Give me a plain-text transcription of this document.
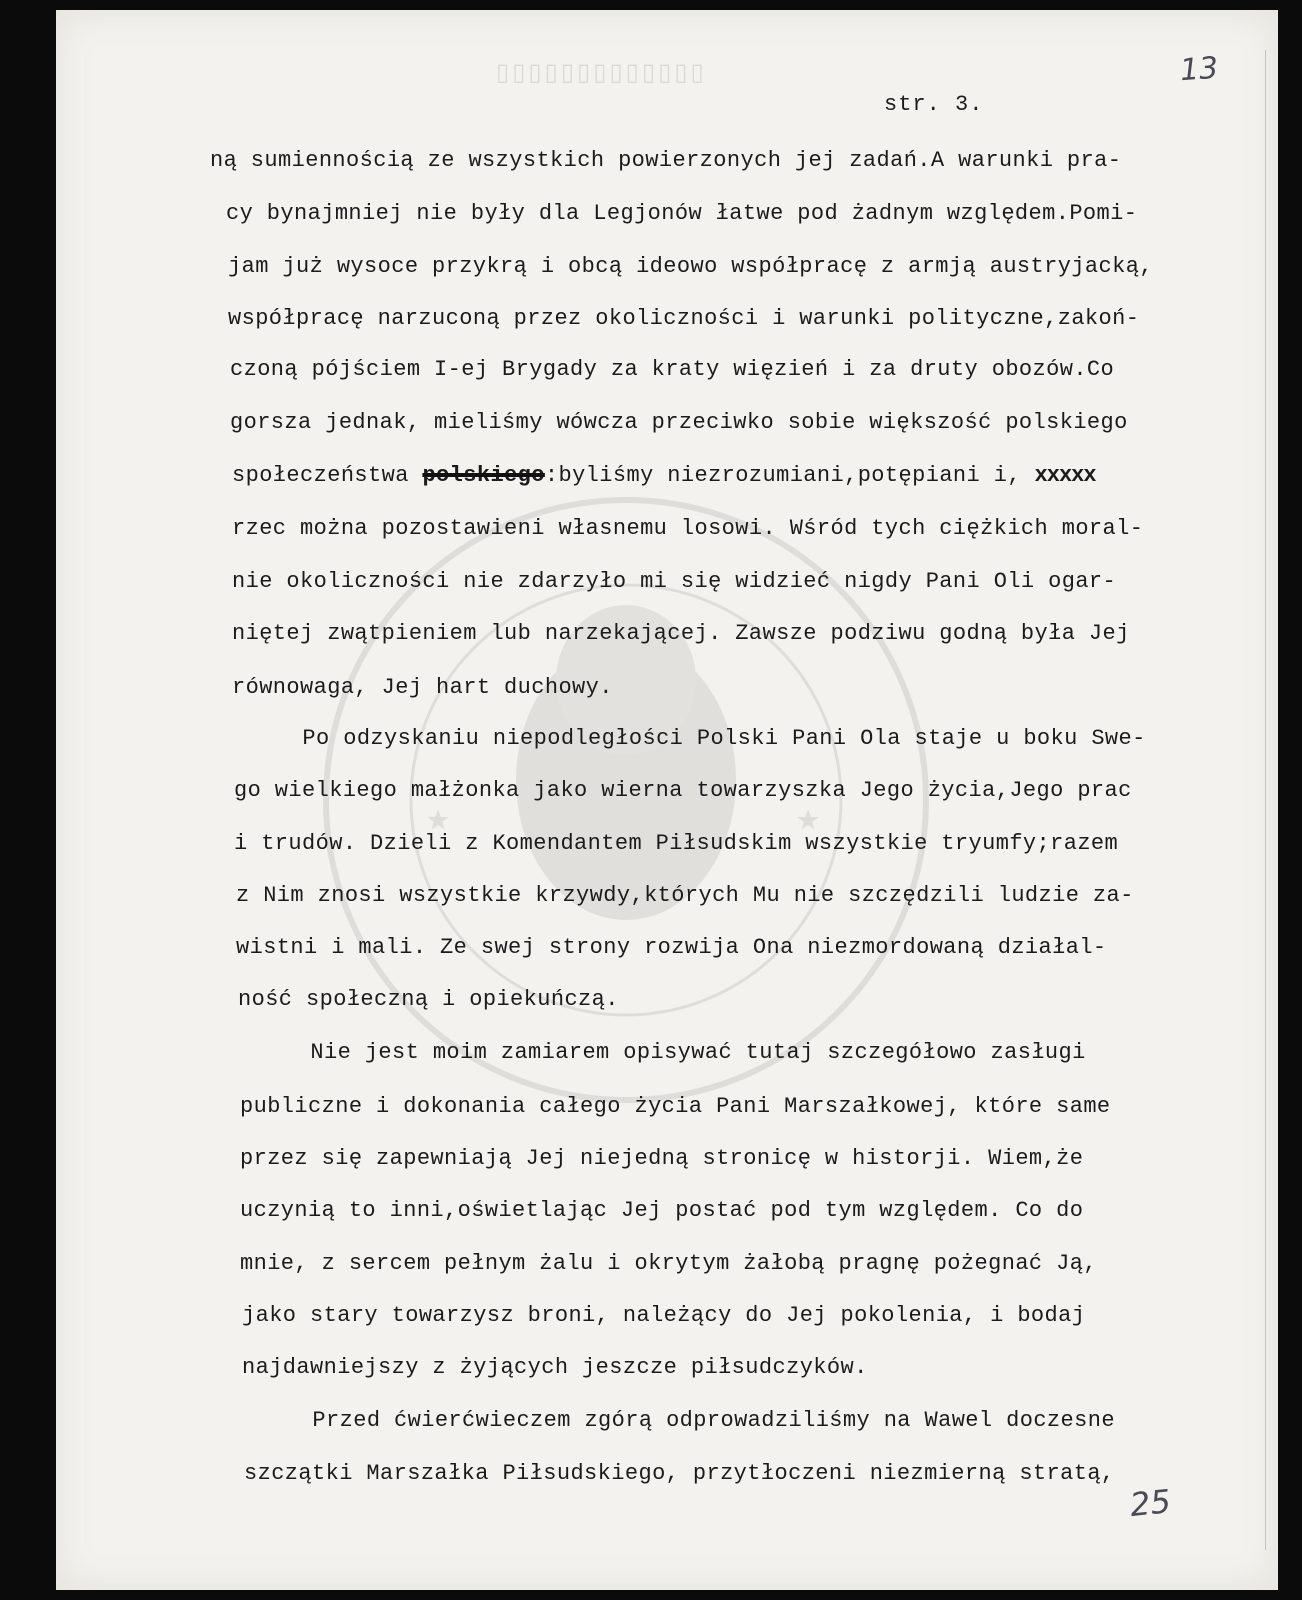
★	★
▯▯▯▯▯▯▯▯▯▯▯▯▯	13
25
str. 3.
ną sumiennością ze wszystkich powierzonych jej zadań.A warunki pra-
cy bynajmniej nie były dla Legjonów łatwe pod żadnym względem.Pomi-
jam już wysoce przykrą i obcą ideowo współpracę z armją austryjacką,
współpracę narzuconą przez okoliczności i warunki polityczne,zakoń-
czoną pójściem I-ej Brygady za kraty więzień i za druty obozów.Co
gorsza jednak, mieliśmy wówcza przeciwko sobie większość polskiego
społeczeństwa polskiego:byliśmy niezrozumiani,potępiani i, xxxxx
rzec można pozostawieni własnemu losowi. Wśród tych ciężkich moral-
nie okoliczności nie zdarzyło mi się widzieć nigdy Pani Oli ogar-
niętej zwątpieniem lub narzekającej. Zawsze podziwu godną była Jej
równowaga, Jej hart duchowy.
Po odzyskaniu niepodległości Polski Pani Ola staje u boku Swe-
go wielkiego małżonka jako wierna towarzyszka Jego życia,Jego prac
i trudów. Dzieli z Komendantem Piłsudskim wszystkie tryumfy;razem
z Nim znosi wszystkie krzywdy,których Mu nie szczędzili ludzie za-
wistni i mali. Ze swej strony rozwija Ona niezmordowaną działal-
ność społeczną i opiekuńczą.
Nie jest moim zamiarem opisywać tutaj szczegółowo zasługi
publiczne i dokonania całego życia Pani Marszałkowej, które same
przez się zapewniają Jej niejedną stronicę w historji. Wiem,że
uczynią to inni,oświetlając Jej postać pod tym względem. Co do
mnie, z sercem pełnym żalu i okrytym żałobą pragnę pożegnać Ją,
jako stary towarzysz broni, należący do Jej pokolenia, i bodaj
najdawniejszy z żyjących jeszcze piłsudczyków.
Przed ćwierćwieczem zgórą odprowadziliśmy na Wawel doczesne
szczątki Marszałka Piłsudskiego, przytłoczeni niezmierną stratą,
